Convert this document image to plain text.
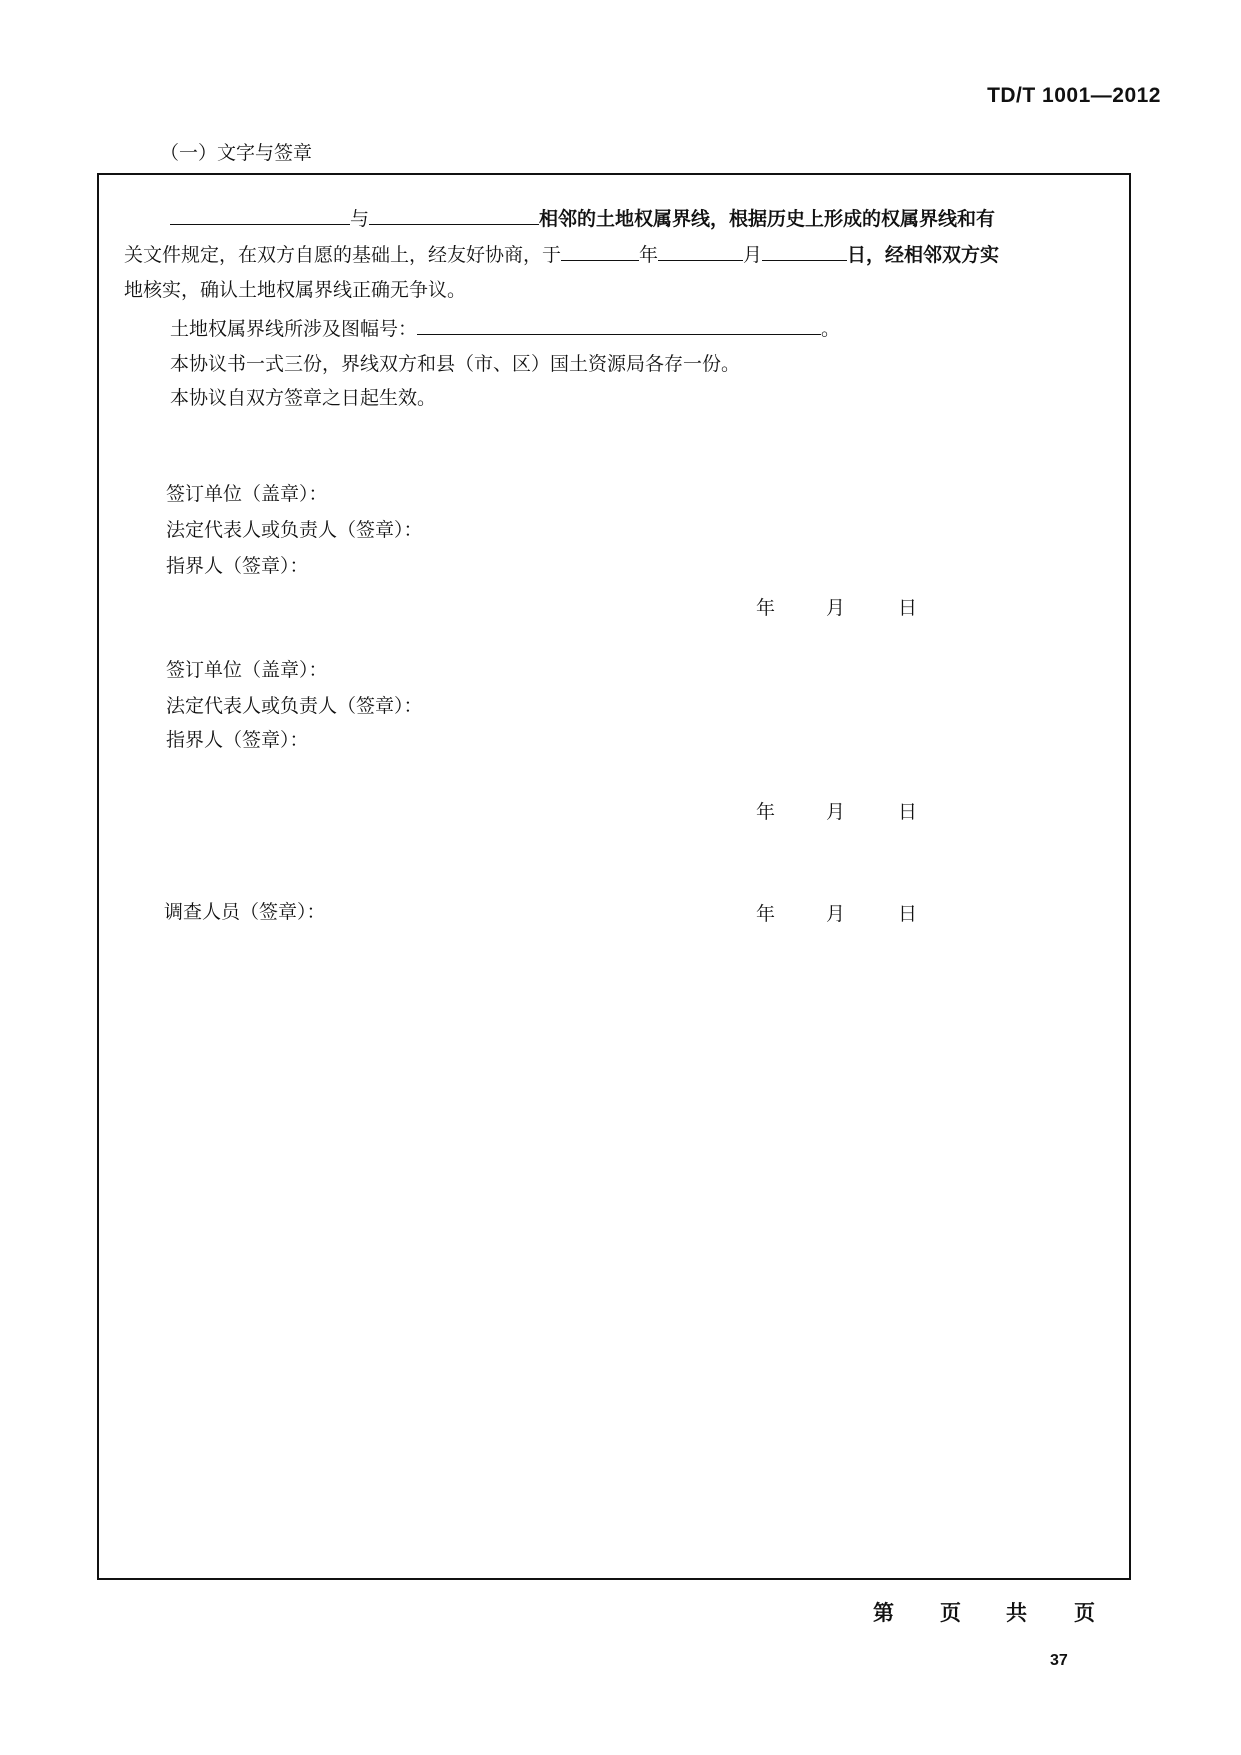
TD/T 1001—2012
（一）文字与签章
与	相邻的土地权属界线，根据历史上形成的权属界线和有
关文件规定，在双方自愿的基础上，经友好协商，于	年	月	日，经相邻双方实
地核实，确认土地权属界线正确无争议。
土地权属界线所涉及图幅号：	。
本协议书一式三份，界线双方和县（市、区）国土资源局各存一份。
本协议自双方签章之日起生效。
签订单位（盖章）：
法定代表人或负责人（签章）：
指界人（签章）：
年	月	日
签订单位（盖章）：
法定代表人或负责人（签章）：
指界人（签章）：
年	月	日
调查人员（签章）：	年	月	日
第 页 共 页
37
